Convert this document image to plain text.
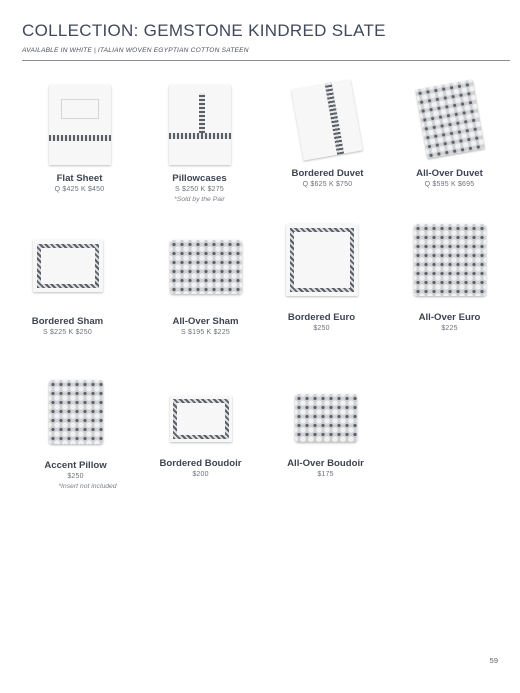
COLLECTION: GEMSTONE KINDRED SLATE
AVAILABLE IN WHITE | ITALIAN WOVEN EGYPTIAN COTTON SATEEN
Flat Sheet
Q $425 K $450
Pillowcases
S $250 K $275
*Sold by the Pair
Bordered Duvet
Q $625 K $750
All-Over Duvet
Q $595 K $695
Bordered Sham
S $225 K $250
All-Over Sham
S $195 K $225
Bordered Euro
$250
All-Over Euro
$225
Accent Pillow
$250
*Insert not included
Bordered Boudoir
$200
All-Over Boudoir
$175
59
